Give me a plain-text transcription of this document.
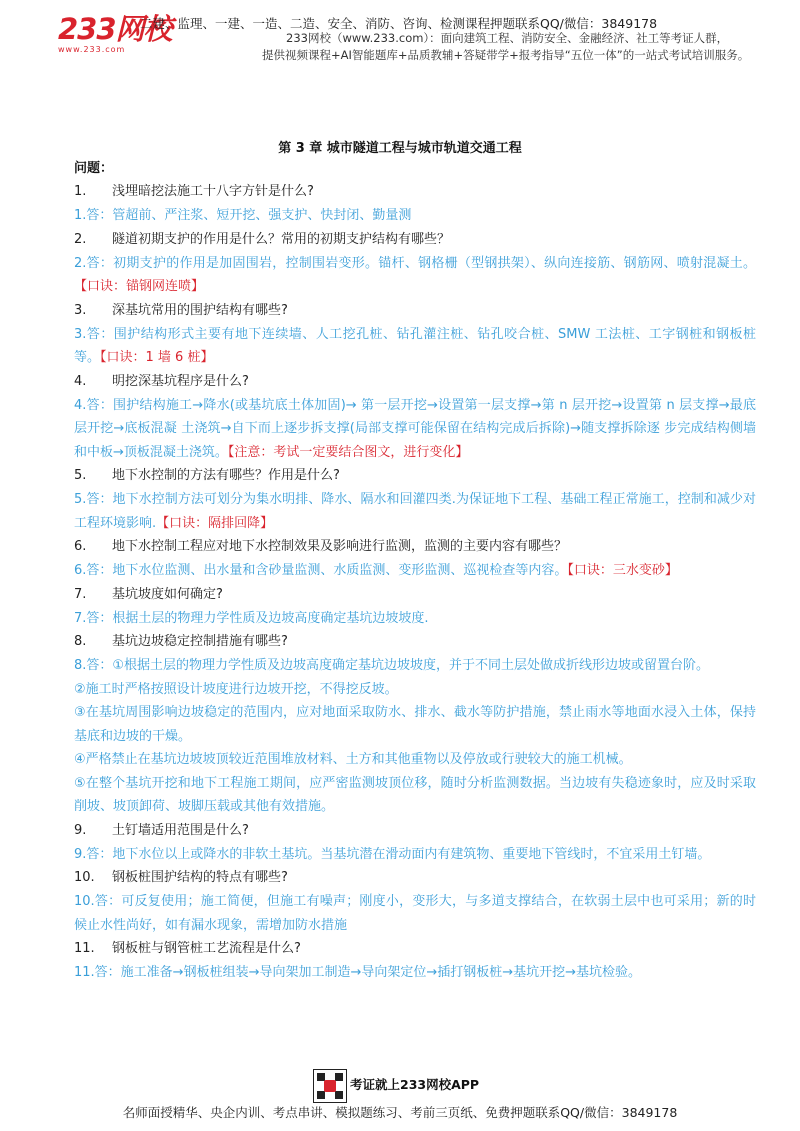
233网校
www.233.com
二建、监理、一建、一造、二造、安全、消防、咨询、检测课程押题联系QQ/微信：3849178
233网校（www.233.com）：面向建筑工程、消防安全、金融经济、社工等考证人群，
提供视频课程+AI智能题库+品质教辅+答疑带学+报考指导“五位一体”的一站式考试培训服务。
第 3 章 城市隧道工程与城市轨道交通工程
问题：
1.	浅埋暗挖法施工十八字方针是什么?
1.答：管超前、严注浆、短开挖、强支护、快封闭、勤量测
2.	隧道初期支护的作用是什么？常用的初期支护结构有哪些？
2.答：初期支护的作用是加固围岩，控制围岩变形。锚杆、钢格栅（型钢拱架）、纵向连接筋、钢筋网、喷射混凝土。【口诀：锚钢网连喷】
3.	深基坑常用的围护结构有哪些?
3.答：围护结构形式主要有地下连续墙、人工挖孔桩、钻孔灌注桩、钻孔咬合桩、SMW 工法桩、工字钢桩和钢板桩等。【口诀：1 墙 6 桩】
4.	明挖深基坑程序是什么?
4.答：围护结构施工→降水(或基坑底土体加固)→ 第一层开挖→设置第一层支撑→第 n 层开挖→设置第 n 层支撑→最底层开挖→底板混凝 土浇筑→自下而上逐步拆支撑(局部支撑可能保留在结构完成后拆除)→随支撑拆除逐 步完成结构侧墙和中板→顶板混凝土浇筑。【注意：考试一定要结合图文，进行变化】
5.	地下水控制的方法有哪些？作用是什么?
5.答：地下水控制方法可划分为集水明排、降水、隔水和回灌四类.为保证地下工程、基础工程正常施工，控制和减少对工程环境影响.【口诀：隔排回降】
6.	地下水控制工程应对地下水控制效果及影响进行监测，监测的主要内容有哪些？
6.答：地下水位监测、出水量和含砂量监测、水质监测、变形监测、巡视检查等内容。【口诀：三水变砂】
7.	基坑坡度如何确定?
7.答：根据土层的物理力学性质及边坡高度确定基坑边坡坡度.
8.	基坑边坡稳定控制措施有哪些?
8.答：①根据土层的物理力学性质及边坡高度确定基坑边坡坡度，并于不同土层处做成折线形边坡或留置台阶。
②施工时严格按照设计坡度进行边坡开挖，不得挖反坡。
③在基坑周围影响边坡稳定的范围内，应对地面采取防水、排水、截水等防护措施，禁止雨水等地面水浸入土体，保持基底和边坡的干燥。
④严格禁止在基坑边坡坡顶较近范围堆放材料、土方和其他重物以及停放或行驶较大的施工机械。
⑤在整个基坑开挖和地下工程施工期间，应严密监测坡顶位移，随时分析监测数据。当边坡有失稳迹象时，应及时采取削坡、坡顶卸荷、坡脚压载或其他有效措施。
9.	土钉墙适用范围是什么?
9.答：地下水位以上或降水的非软土基坑。当基坑潜在滑动面内有建筑物、重要地下管线时，不宜采用土钉墙。
10.	钢板桩围护结构的特点有哪些?
10.答：可反复使用；施工简便，但施工有噪声；刚度小，变形大，与多道支撑结合，在软弱土层中也可采用；新的时候止水性尚好，如有漏水现象，需增加防水措施
11.	钢板桩与钢管桩工艺流程是什么?
11.答：施工准备→钢板桩组装→导向架加工制造→导向架定位→插打钢板桩→基坑开挖→基坑检验。
考证就上233网校APP
名师面授精华、央企内训、考点串讲、模拟题练习、考前三页纸、免费押题联系QQ/微信：3849178
